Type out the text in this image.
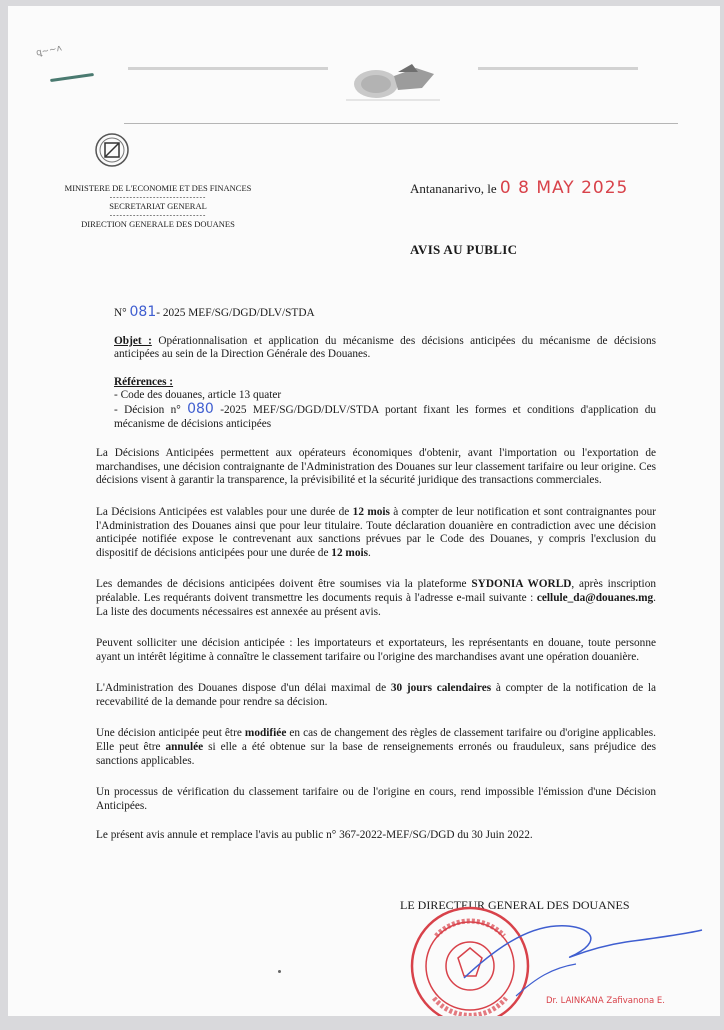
ꝗ~~ʌ
▬▬▬▬▬▬▬▬▬▬▬▬▬▬▬▬▬▬▬▬	▬▬▬▬▬▬▬▬▬▬▬▬▬▬▬▬
MINISTERE DE L'ECONOMIE ET DES FINANCES
-----------------------------
SECRETARIAT GENERAL
-----------------------------
DIRECTION GENERALE DES DOUANES
Antananarivo, le 0 8 MAY 2025
AVIS AU PUBLIC

N° 081- 2025 MEF/SG/DGD/DLV/STDA

Objet : Opérationnalisation et application du mécanisme des décisions anticipées du mécanisme de décisions anticipées au sein de la Direction Générale des Douanes.

Références :
- Code des douanes, article 13 quater
- Décision n° 080 -2025 MEF/SG/DGD/DLV/STDA portant fixant les formes et conditions d'application du mécanisme de décisions anticipées

La Décisions Anticipées permettent aux opérateurs économiques d'obtenir, avant l'importation ou l'exportation de marchandises, une décision contraignante de l'Administration des Douanes sur leur classement tarifaire ou leur origine. Ces décisions visent à garantir la transparence, la prévisibilité et la sécurité juridique des transactions commerciales.

La Décisions Anticipées est valables pour une durée de 12 mois à compter de leur notification et sont contraignantes pour l'Administration des Douanes ainsi que pour leur titulaire. Toute déclaration douanière en contradiction avec une décision anticipée notifiée expose le contrevenant aux sanctions prévues par le Code des Douanes, y compris l'exclusion du dispositif de décisions anticipées pour une durée de 12 mois.

Les demandes de décisions anticipées doivent être soumises via la plateforme SYDONIA WORLD, après inscription préalable. Les requérants doivent transmettre les documents requis à l'adresse e-mail suivante : cellule_da@douanes.mg. La liste des documents nécessaires est annexée au présent avis.

Peuvent solliciter une décision anticipée : les importateurs et exportateurs, les représentants en douane, toute personne ayant un intérêt légitime à connaître le classement tarifaire ou l'origine des marchandises avant une opération douanière.

L'Administration des Douanes dispose d'un délai maximal de 30 jours calendaires à compter de la notification de la recevabilité de la demande pour rendre sa décision.

Une décision anticipée peut être modifiée en cas de changement des règles de classement tarifaire ou d'origine applicables. Elle peut être annulée si elle a été obtenue sur la base de renseignements erronés ou frauduleux, sans préjudice des sanctions applicables.

Un processus de vérification du classement tarifaire ou de l'origine en cours, rend impossible l'émission d'une Décision Anticipées.

Le présent avis annule et remplace l'avis au public n° 367-2022-MEF/SG/DGD du 30 Juin 2022.

LE DIRECTEUR GENERAL DES DOUANES
Dr. LAINKANA Zafivanona E.
